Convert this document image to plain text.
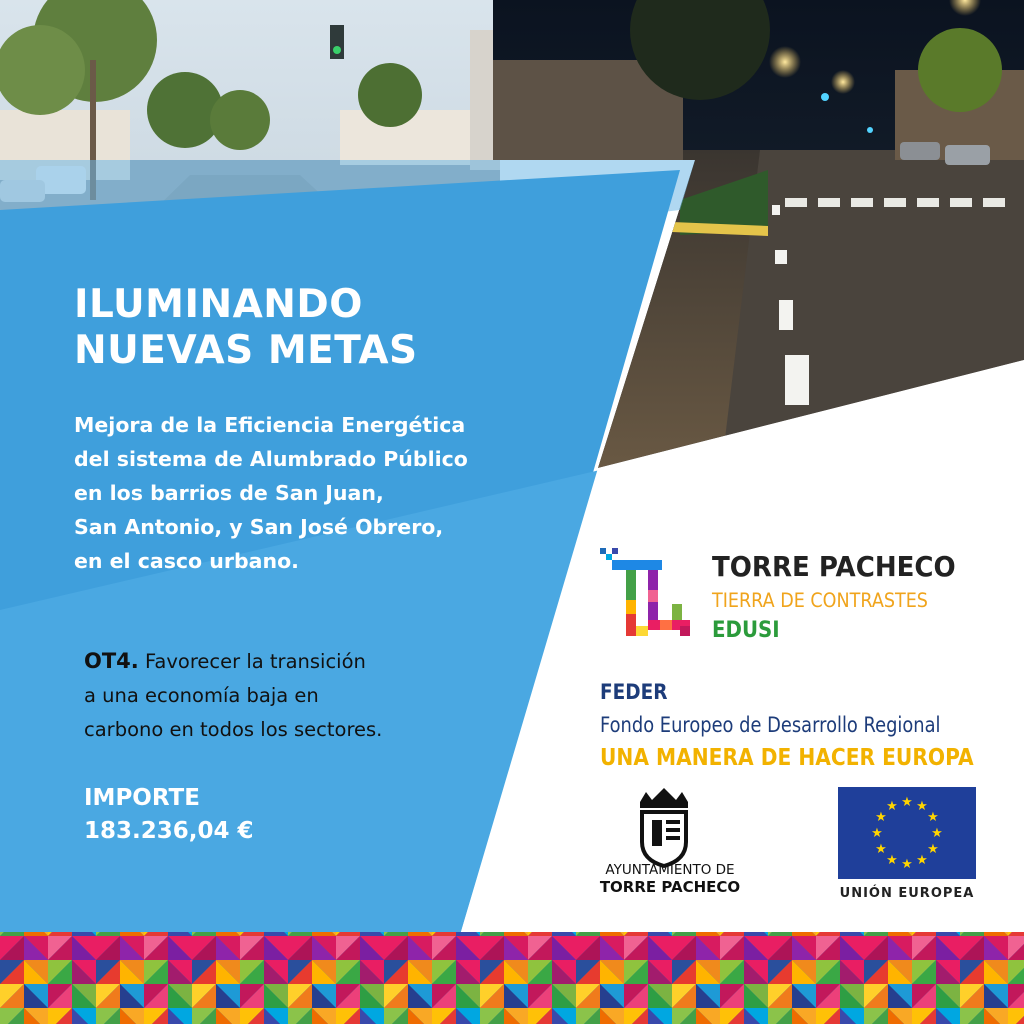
★ ★
★
★
★
★
★
★
★
★
★
★
ILUMINANDO
NUEVAS METAS
Mejora de la Eficiencia Energética
del sistema de Alumbrado Público
en los barrios de San Juan,
San Antonio, y San José Obrero,
en el casco urbano.
OT4. Favorecer la transición
a una economía baja en
carbono en todos los sectores.
IMPORTE
183.236,04 €
TORRE PACHECO
TIERRA DE CONTRASTES
EDUSI
FEDER
Fondo Europeo de Desarrollo Regional
UNA MANERA DE HACER EUROPA
AYUNTAMIENTO DE
TORRE PACHECO	UNIÓN EUROPEA
